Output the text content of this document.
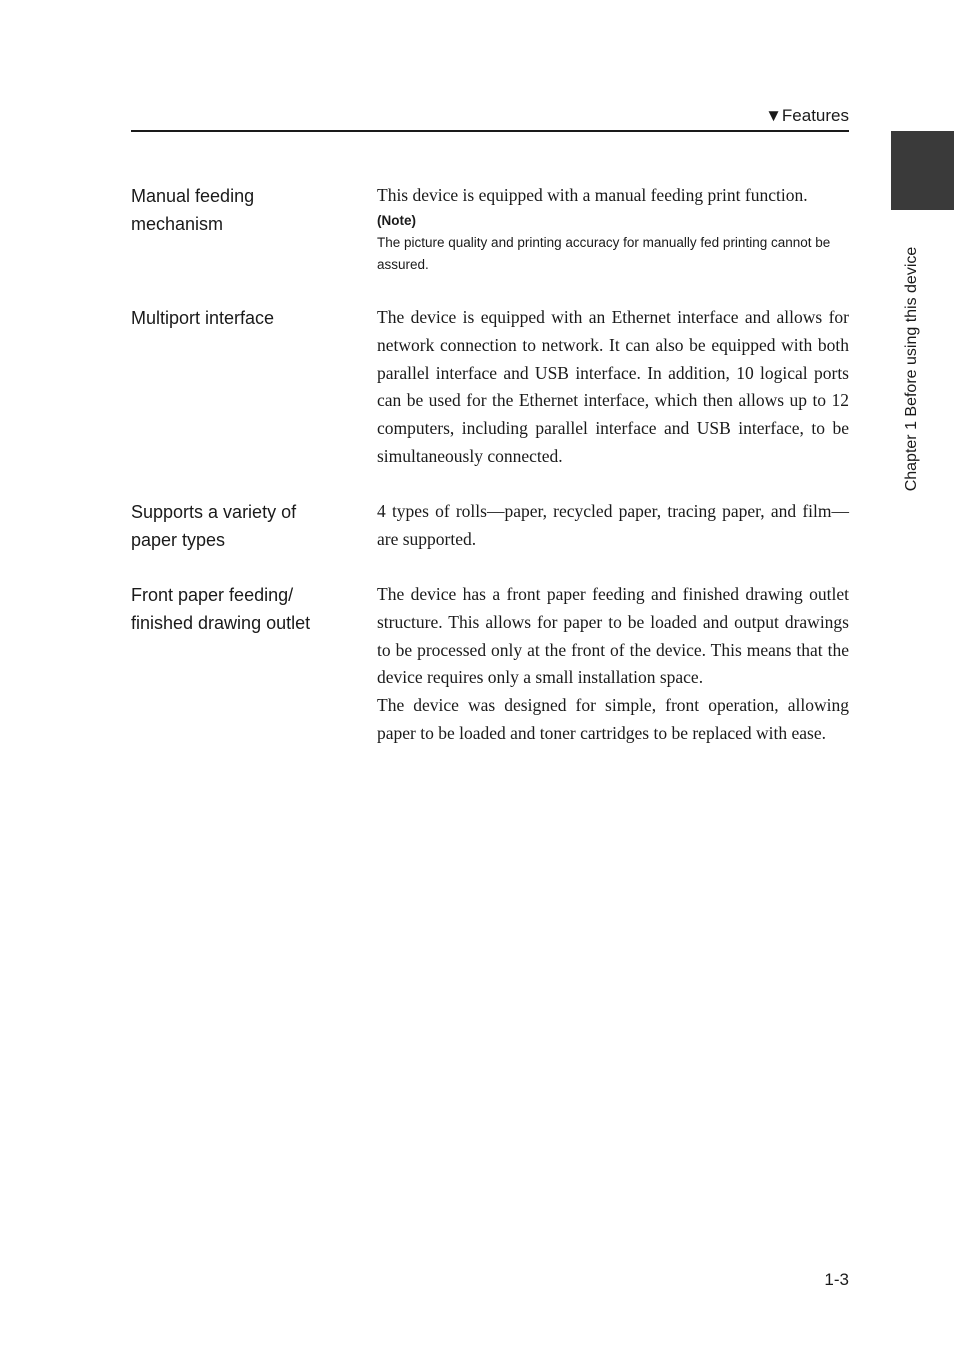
▼Features
Chapter 1 Before using this device
Manual feeding
mechanism

This device is equipped with a manual feeding print function.

(Note)
The picture quality and printing accuracy for manually fed printing cannot be assured.
Multiport interface	The device is equipped with an Ethernet interface and allows for network connection to network. It can also be equipped with both parallel interface and USB interface. In addition, 10 logical ports can be used for the Ethernet interface, which then allows up to 12 computers, including parallel interface and USB interface, to be simultaneously connected.

Supports a variety of
paper types

4 types of rolls—paper, recycled paper, tracing paper, and film—are supported.

Front paper feeding/
finished drawing outlet

The device has a front paper feeding and finished drawing outlet structure. This allows for paper to be loaded and output drawings to be processed only at the front of the device. This means that the device requires only a small installation space.

The device was designed for simple, front operation, allowing paper to be loaded and toner cartridges to be replaced with ease.

1-3
